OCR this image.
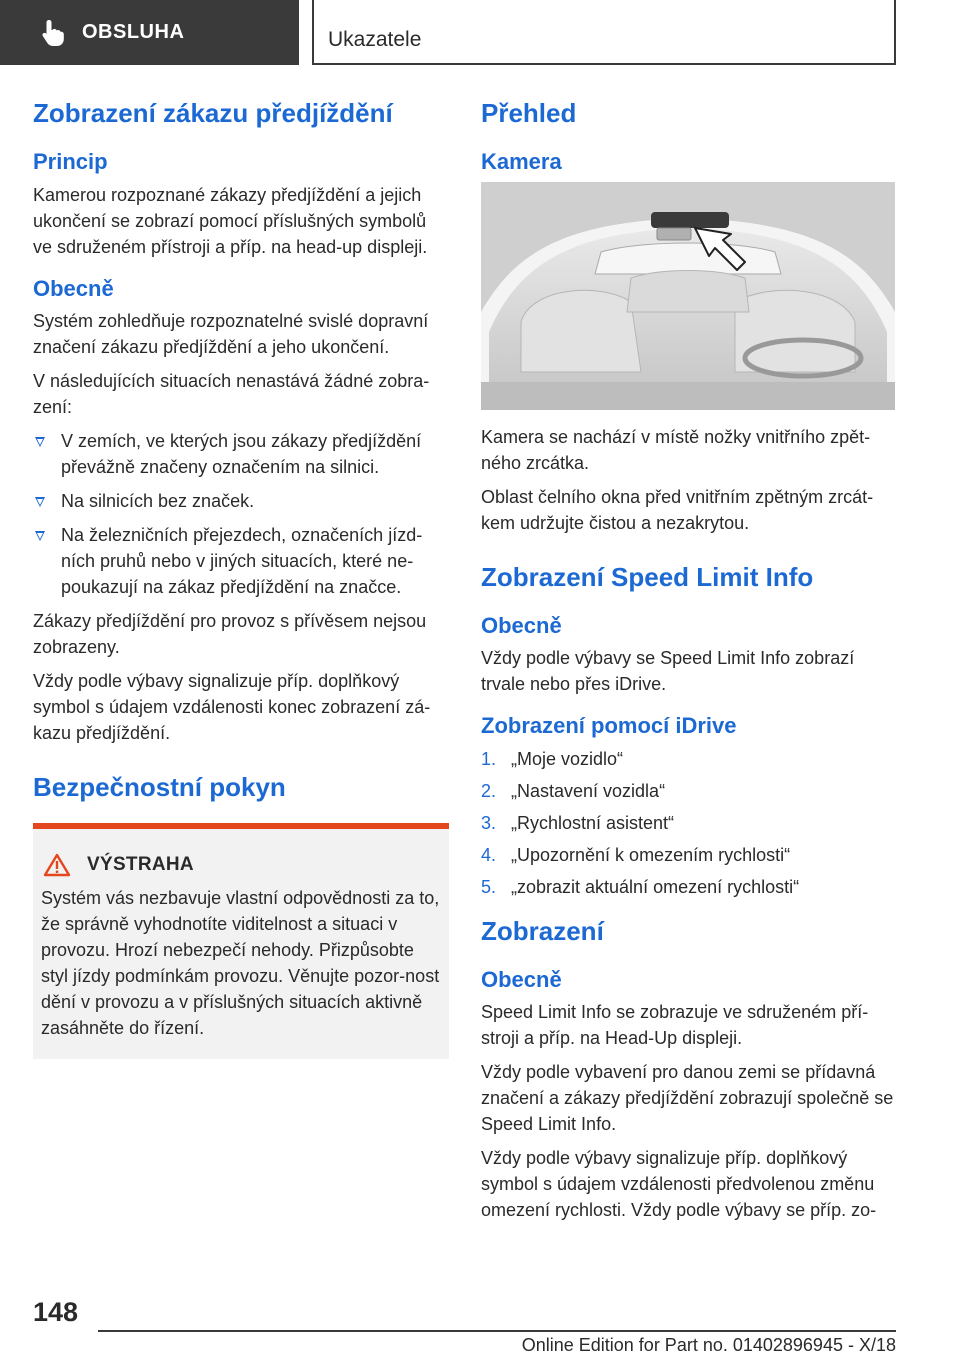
OBSLUHA	Ukazatele
Zobrazení zákazu předjíždění
Princip

Kamerou rozpoznané zákazy předjíždění a jejich ukončení se zobrazí pomocí příslušných symbolů ve sdruženém přístroji a příp. na head-up displeji.

Obecně

Systém zohledňuje rozpoznatelné svislé dopravní značení zákazu předjíždění a jeho ukončení.

V následujících situacích nenastává žádné zobra-zení:

V zemích, ve kterých jsou zákazy předjíždění převážně značeny označením na silnici.
Na silnicích bez značek.
Na železničních přejezdech, označeních jízd-ních pruhů nebo v jiných situacích, které ne-poukazují na zákaz předjíždění na značce.

Zákazy předjíždění pro provoz s přívěsem nejsou zobrazeny.

Vždy podle výbavy signalizuje příp. doplňkový symbol s údajem vzdálenosti konec zobrazení zá-kazu předjíždění.

Bezpečnostní pokyn
VÝSTRAHA

Systém vás nezbavuje vlastní odpovědnosti za to, že správně vyhodnotíte viditelnost a situaci v provozu. Hrozí nebezpečí nehody. Přizpůsobte styl jízdy podmínkám provozu. Věnujte pozor-nost dění v provozu a v příslušných situacích aktivně zasáhněte do řízení.

Přehled
Kamera

Kamera se nachází v místě nožky vnitřního zpět-ného zrcátka.

Oblast čelního okna před vnitřním zpětným zrcát-kem udržujte čistou a nezakrytou.

Zobrazení Speed Limit Info
Obecně

Vždy podle výbavy se Speed Limit Info zobrazí trvale nebo přes iDrive.

Zobrazení pomocí iDrive
1. „Moje vozidlo“
2. „Nastavení vozidla“
3. „Rychlostní asistent“
4. „Upozornění k omezením rychlosti“
5. „zobrazit aktuální omezení rychlosti“
Zobrazení
Obecně

Speed Limit Info se zobrazuje ve sdruženém pří-stroji a příp. na Head-Up displeji.

Vždy podle vybavení pro danou zemi se přídavná značení a zákazy předjíždění zobrazují společně se Speed Limit Info.

Vždy podle výbavy signalizuje příp. doplňkový symbol s údajem vzdálenosti předvolenou změnu omezení rychlosti. Vždy podle výbavy se příp. zo-

148
Online Edition for Part no. 01402896945 - X/18
